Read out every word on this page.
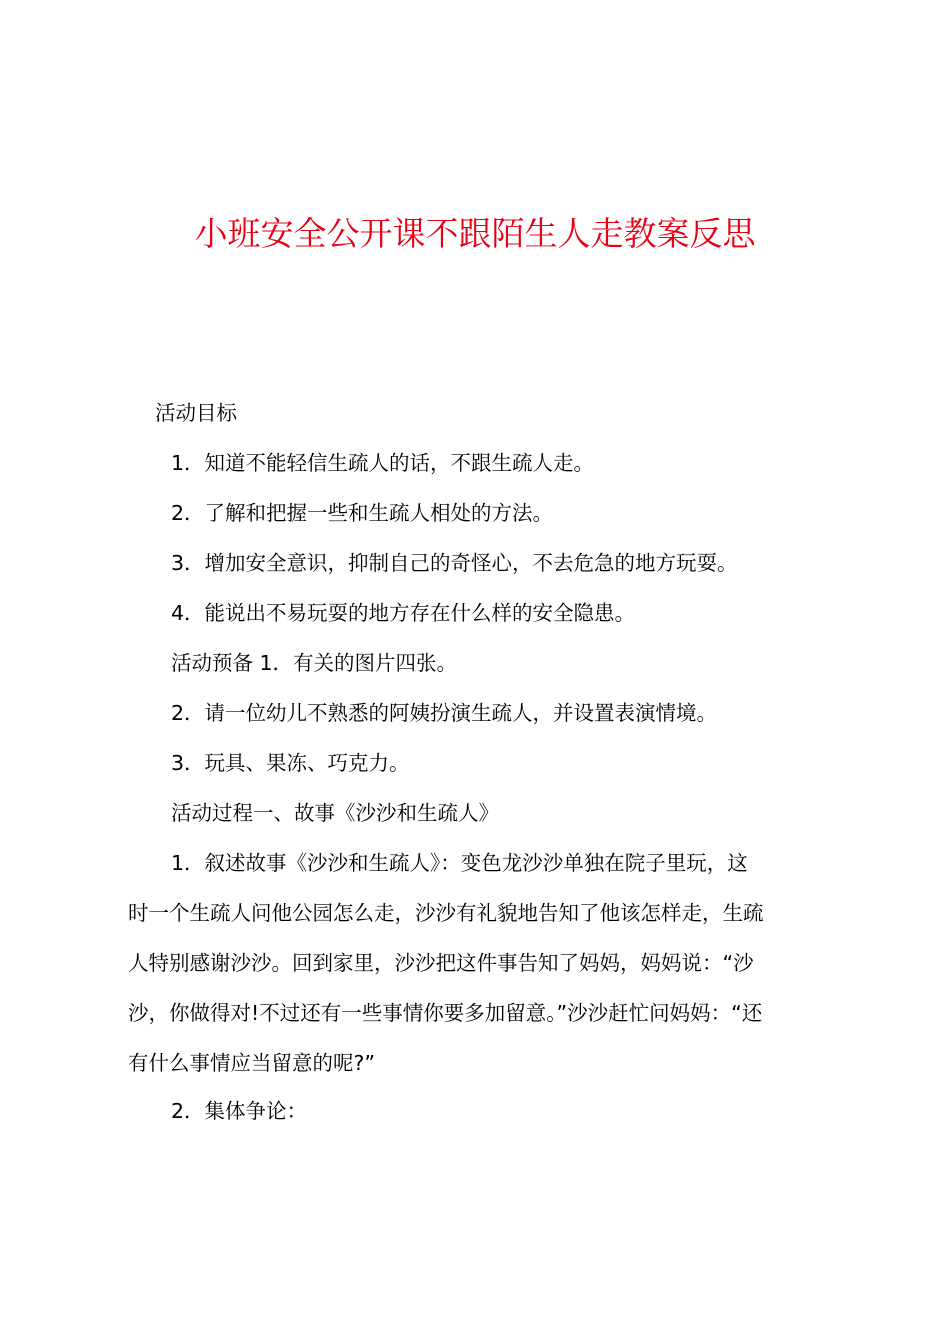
小班安全公开课不跟陌生人走教案反思
活动目标
1．知道不能轻信生疏人的话，不跟生疏人走。
2．了解和把握一些和生疏人相处的方法。
3．增加安全意识，抑制自己的奇怪心，不去危急的地方玩耍。
4．能说出不易玩耍的地方存在什么样的安全隐患。
活动预备 1．有关的图片四张。
2．请一位幼儿不熟悉的阿姨扮演生疏人，并设置表演情境。
3．玩具、果冻、巧克力。
活动过程一、故事《沙沙和生疏人》
1．叙述故事《沙沙和生疏人》：变色龙沙沙单独在院子里玩，这
时一个生疏人问他公园怎么走，沙沙有礼貌地告知了他该怎样走，生疏
人特别感谢沙沙。回到家里，沙沙把这件事告知了妈妈，妈妈说：“沙
沙，你做得对!不过还有一些事情你要多加留意。”沙沙赶忙问妈妈：“还
有什么事情应当留意的呢?”
2．集体争论：
